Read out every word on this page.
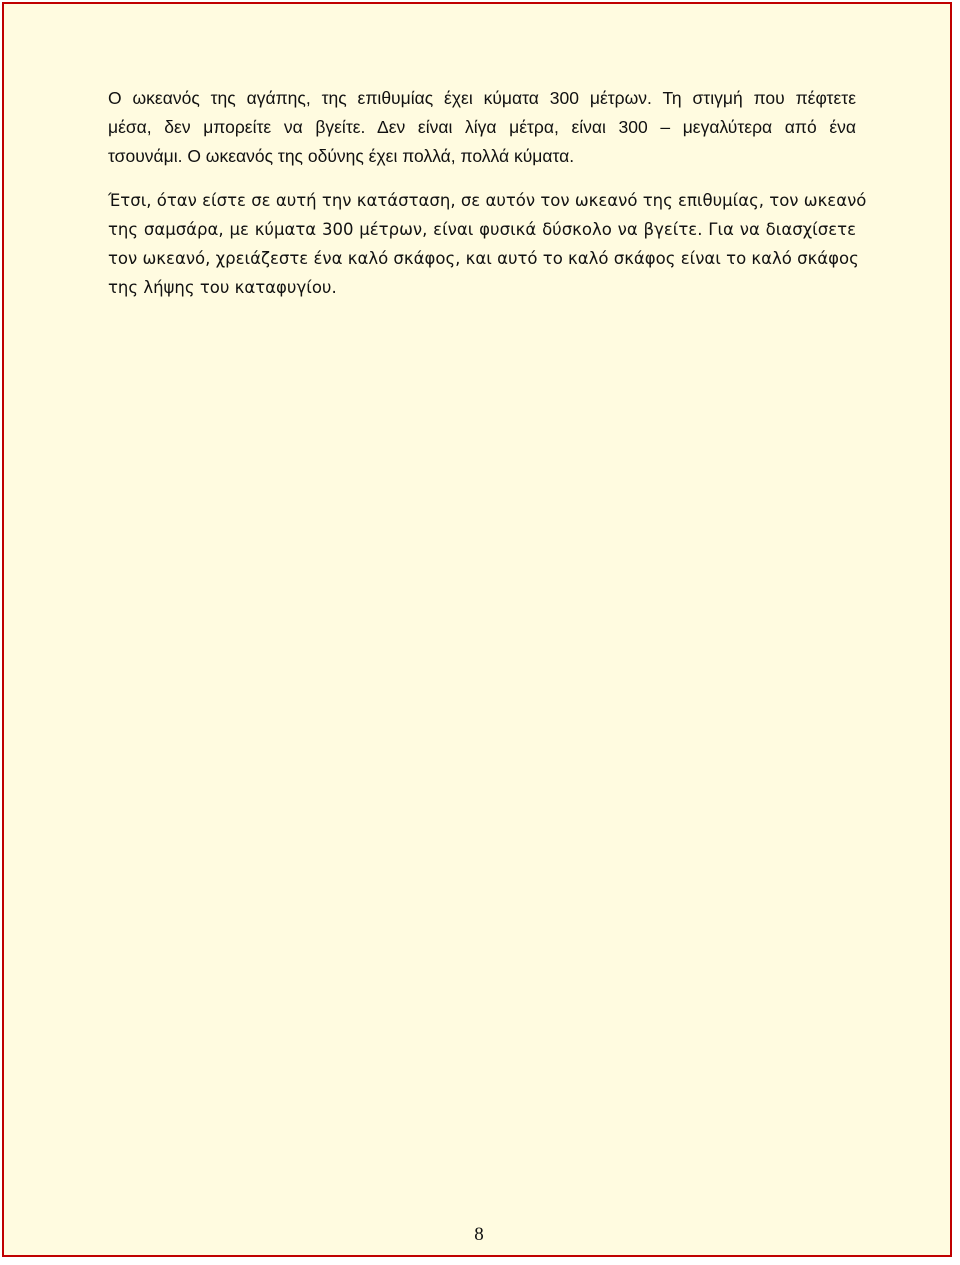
Ο ωκεανός της αγάπης, της επιθυμίας έχει κύματα 300 μέτρων. Τη στιγμή που πέφτετε
μέσα, δεν μπορείτε να βγείτε. Δεν είναι λίγα μέτρα, είναι 300 – μεγαλύτερα από ένα
τσουνάμι. Ο ωκεανός της οδύνης έχει πολλά, πολλά κύματα.

Έτσι, όταν είστε σε αυτή την κατάσταση, σε αυτόν τον ωκεανό της επιθυμίας, τον ωκεανό
της σαμσάρα, με κύματα 300 μέτρων, είναι φυσικά δύσκολο να βγείτε. Για να διασχίσετε
τον ωκεανό, χρειάζεστε ένα καλό σκάφος, και αυτό το καλό σκάφος είναι το καλό σκάφος
της λήψης του καταφυγίου.

8
